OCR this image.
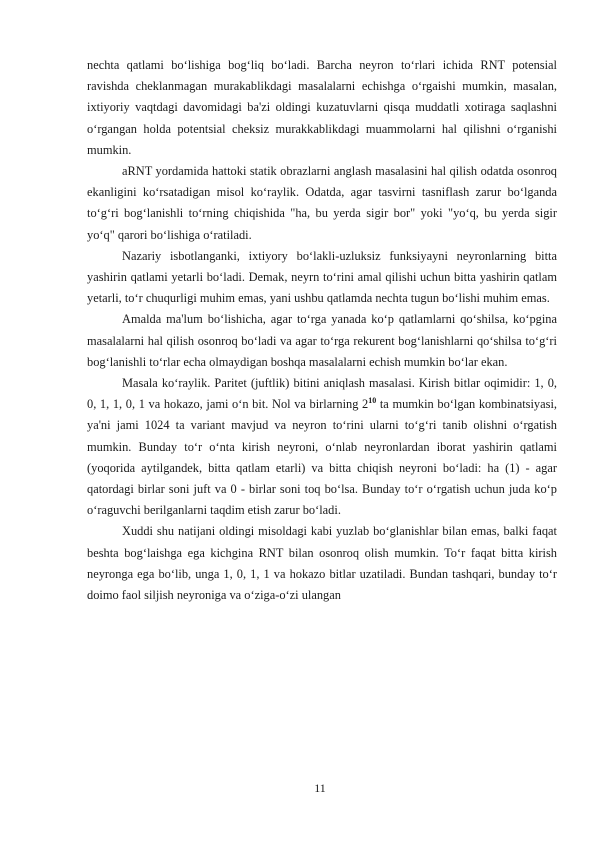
nechta qatlami bo‘lishiga bog‘liq bo‘ladi. Barcha neyron to‘rlari ichida RNT potensial ravishda cheklanmagan murakablikdagi masalalarni echishga o‘rgaishi mumkin, masalan, ixtiyoriy vaqtdagi davomidagi ba'zi oldingi kuzatuvlarni qisqa muddatli xotiraga saqlashni o‘rgangan holda potentsial cheksiz murakkablikdagi muammolarni hal qilishni o‘rganishi mumkin.

aRNT yordamida hattoki statik obrazlarni anglash masalasini hal qilish odatda osonroq ekanligini ko‘rsatadigan misol ko‘raylik. Odatda, agar tasvirni tasniflash zarur bo‘lganda to‘g‘ri bog‘lanishli to‘rning chiqishida "ha, bu yerda sigir bor" yoki "yo‘q, bu yerda sigir yo‘q" qarori bo‘lishiga o‘ratiladi.

Nazariy isbotlanganki, ixtiyory bo‘lakli-uzluksiz funksiyayni neyronlarning bitta yashirin qatlami yetarli bo‘ladi. Demak, neyrn to‘rini amal qilishi uchun bitta yashirin qatlam yetarli, to‘r chuqurligi muhim emas, yani ushbu qatlamda nechta tugun bo‘lishi muhim emas.

Amalda ma'lum bo‘lishicha, agar to‘rga yanada ko‘p qatlamlarni qo‘shilsa, ko‘pgina masalalarni hal qilish osonroq bo‘ladi va agar to‘rga rekurent bog‘lanishlarni qo‘shilsa to‘g‘ri bog‘lanishli to‘rlar echa olmaydigan boshqa masalalarni echish mumkin bo‘lar ekan.

Masala ko‘raylik. Paritet (juftlik) bitini aniqlash masalasi. Kirish bitlar oqimidir: 1, 0, 0, 1, 1, 0, 1 va hokazo, jami o‘n bit. Nol va birlarning $2^{10}$ ta mumkin bo‘lgan kombinatsiyasi, ya'ni jami 1024 ta variant mavjud va neyron to‘rini ularni to‘g‘ri tanib olishni o‘rgatish mumkin. Bunday to‘r o‘nta kirish neyroni, o‘nlab neyronlardan iborat yashirin qatlami (yoqorida aytilgandek, bitta qatlam etarli) va bitta chiqish neyroni bo‘ladi: ha (1) - agar qatordagi birlar soni juft va 0 - birlar soni toq bo‘lsa. Bunday to‘r o‘rgatish uchun juda ko‘p o‘raguvchi berilganlarni taqdim etish zarur bo‘ladi.

Xuddi shu natijani oldingi misoldagi kabi yuzlab bo‘glanishlar bilan emas, balki faqat beshta bog‘laishga ega kichgina RNT bilan osonroq olish mumkin. To‘r faqat bitta kirish neyronga ega bo‘lib, unga 1, 0, 1, 1 va hokazo bitlar uzatiladi. Bundan tashqari, bunday to‘r doimo faol siljish neyroniga va o‘ziga-o‘zi ulangan

11
